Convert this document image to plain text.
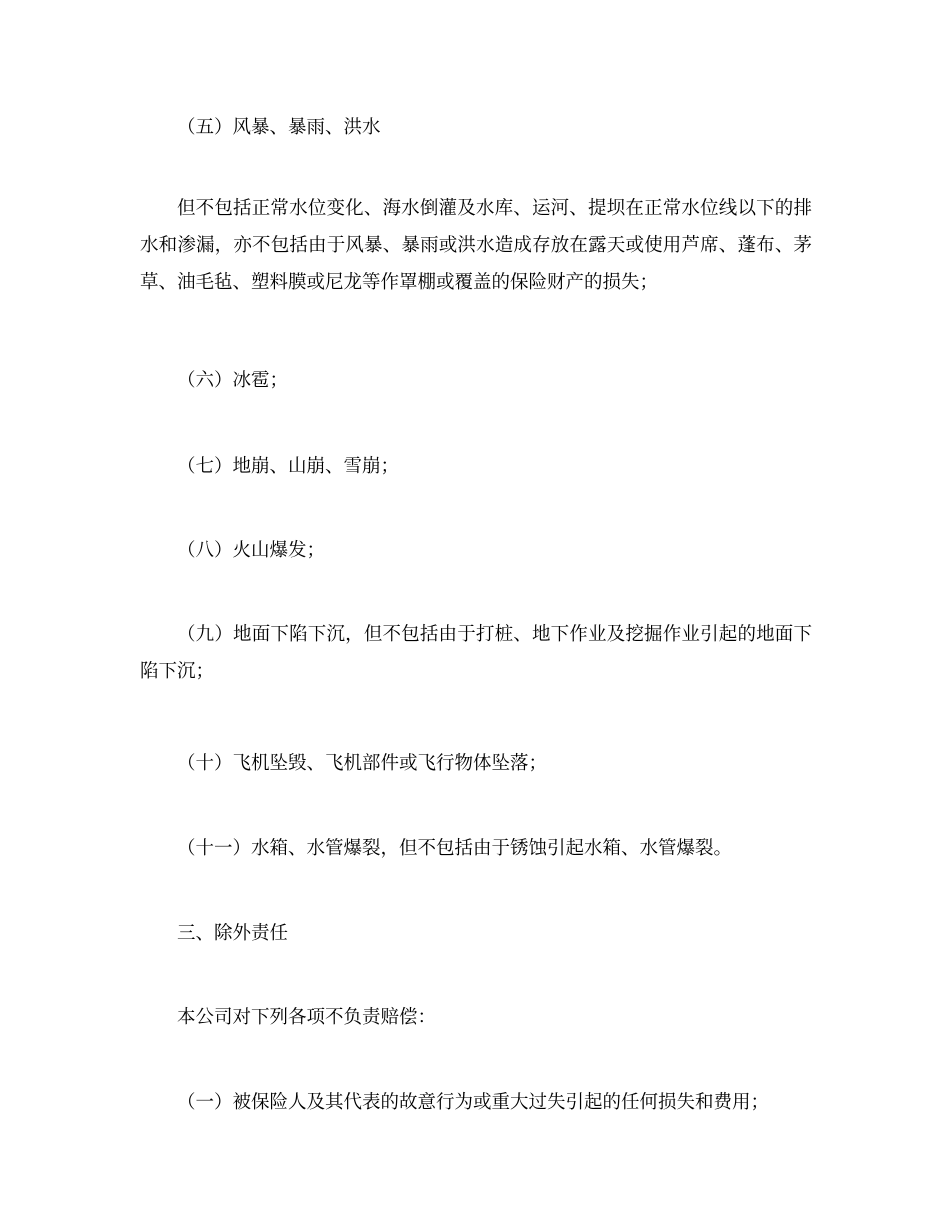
（五）风暴、暴雨、洪水

但不包括正常水位变化、海水倒灌及水库、运河、提坝在正常水位线以下的排水和渗漏，亦不包括由于风暴、暴雨或洪水造成存放在露天或使用芦席、蓬布、茅草、油毛毡、塑料膜或尼龙等作罩棚或覆盖的保险财产的损失；

（六）冰雹；

（七）地崩、山崩、雪崩；

（八）火山爆发；

（九）地面下陷下沉，但不包括由于打桩、地下作业及挖掘作业引起的地面下陷下沉；

（十）飞机坠毁、飞机部件或飞行物体坠落；

（十一）水箱、水管爆裂，但不包括由于锈蚀引起水箱、水管爆裂。

三、除外责任

本公司对下列各项不负责赔偿：

（一）被保险人及其代表的故意行为或重大过失引起的任何损失和费用；
